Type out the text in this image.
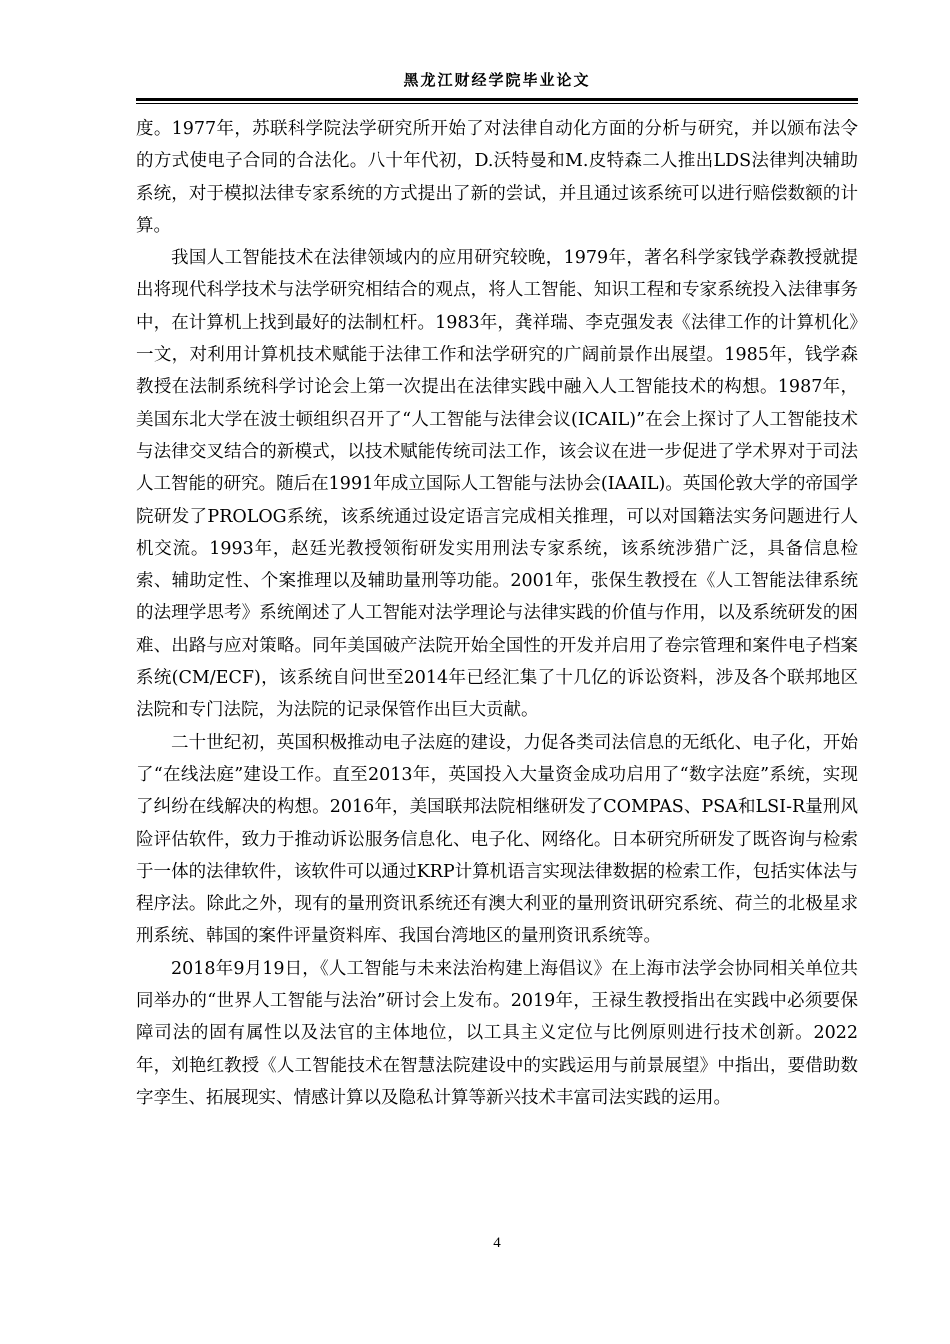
黑龙江财经学院毕业论文

度。1977年，苏联科学院法学研究所开始了对法律自动化方面的分析与研究，并以颁布法令的方式使电子合同的合法化。八十年代初，D.沃特曼和M.皮特森二人推出LDS法律判决辅助系统，对于模拟法律专家系统的方式提出了新的尝试，并且通过该系统可以进行赔偿数额的计算。

我国人工智能技术在法律领域内的应用研究较晚，1979年，著名科学家钱学森教授就提出将现代科学技术与法学研究相结合的观点，将人工智能、知识工程和专家系统投入法律事务中，在计算机上找到最好的法制杠杆。1983年，龚祥瑞、李克强发表《法律工作的计算机化》一文，对利用计算机技术赋能于法律工作和法学研究的广阔前景作出展望。1985年，钱学森教授在法制系统科学讨论会上第一次提出在法律实践中融入人工智能技术的构想。1987年，美国东北大学在波士顿组织召开了“人工智能与法律会议(ICAIL)”在会上探讨了人工智能技术与法律交叉结合的新模式，以技术赋能传统司法工作，该会议在进一步促进了学术界对于司法人工智能的研究。随后在1991年成立国际人工智能与法协会(IAAIL)。英国伦敦大学的帝国学院研发了PROLOG系统，该系统通过设定语言完成相关推理，可以对国籍法实务问题进行人机交流。1993年，赵廷光教授领衔研发实用刑法专家系统，该系统涉猎广泛，具备信息检索、辅助定性、个案推理以及辅助量刑等功能。2001年，张保生教授在《人工智能法律系统的法理学思考》系统阐述了人工智能对法学理论与法律实践的价值与作用，以及系统研发的困难、出路与应对策略。同年美国破产法院开始全国性的开发并启用了卷宗管理和案件电子档案系统(CM/ECF)，该系统自问世至2014年已经汇集了十几亿的诉讼资料，涉及各个联邦地区法院和专门法院，为法院的记录保管作出巨大贡献。

二十世纪初，英国积极推动电子法庭的建设，力促各类司法信息的无纸化、电子化，开始了“在线法庭”建设工作。直至2013年，英国投入大量资金成功启用了“数字法庭”系统，实现了纠纷在线解决的构想。2016年，美国联邦法院相继研发了COMPAS、PSA和LSI-R量刑风险评估软件，致力于推动诉讼服务信息化、电子化、网络化。日本研究所研发了既咨询与检索于一体的法律软件，该软件可以通过KRP计算机语言实现法律数据的检索工作，包括实体法与程序法。除此之外，现有的量刑资讯系统还有澳大利亚的量刑资讯研究系统、荷兰的北极星求刑系统、韩国的案件评量资料库、我国台湾地区的量刑资讯系统等。

2018年9月19日，《人工智能与未来法治构建上海倡议》在上海市法学会协同相关单位共同举办的“世界人工智能与法治”研讨会上发布。2019年，王禄生教授指出在实践中必须要保障司法的固有属性以及法官的主体地位，以工具主义定位与比例原则进行技术创新。2022年，刘艳红教授《人工智能技术在智慧法院建设中的实践运用与前景展望》中指出，要借助数字孪生、拓展现实、情感计算以及隐私计算等新兴技术丰富司法实践的运用。

4
